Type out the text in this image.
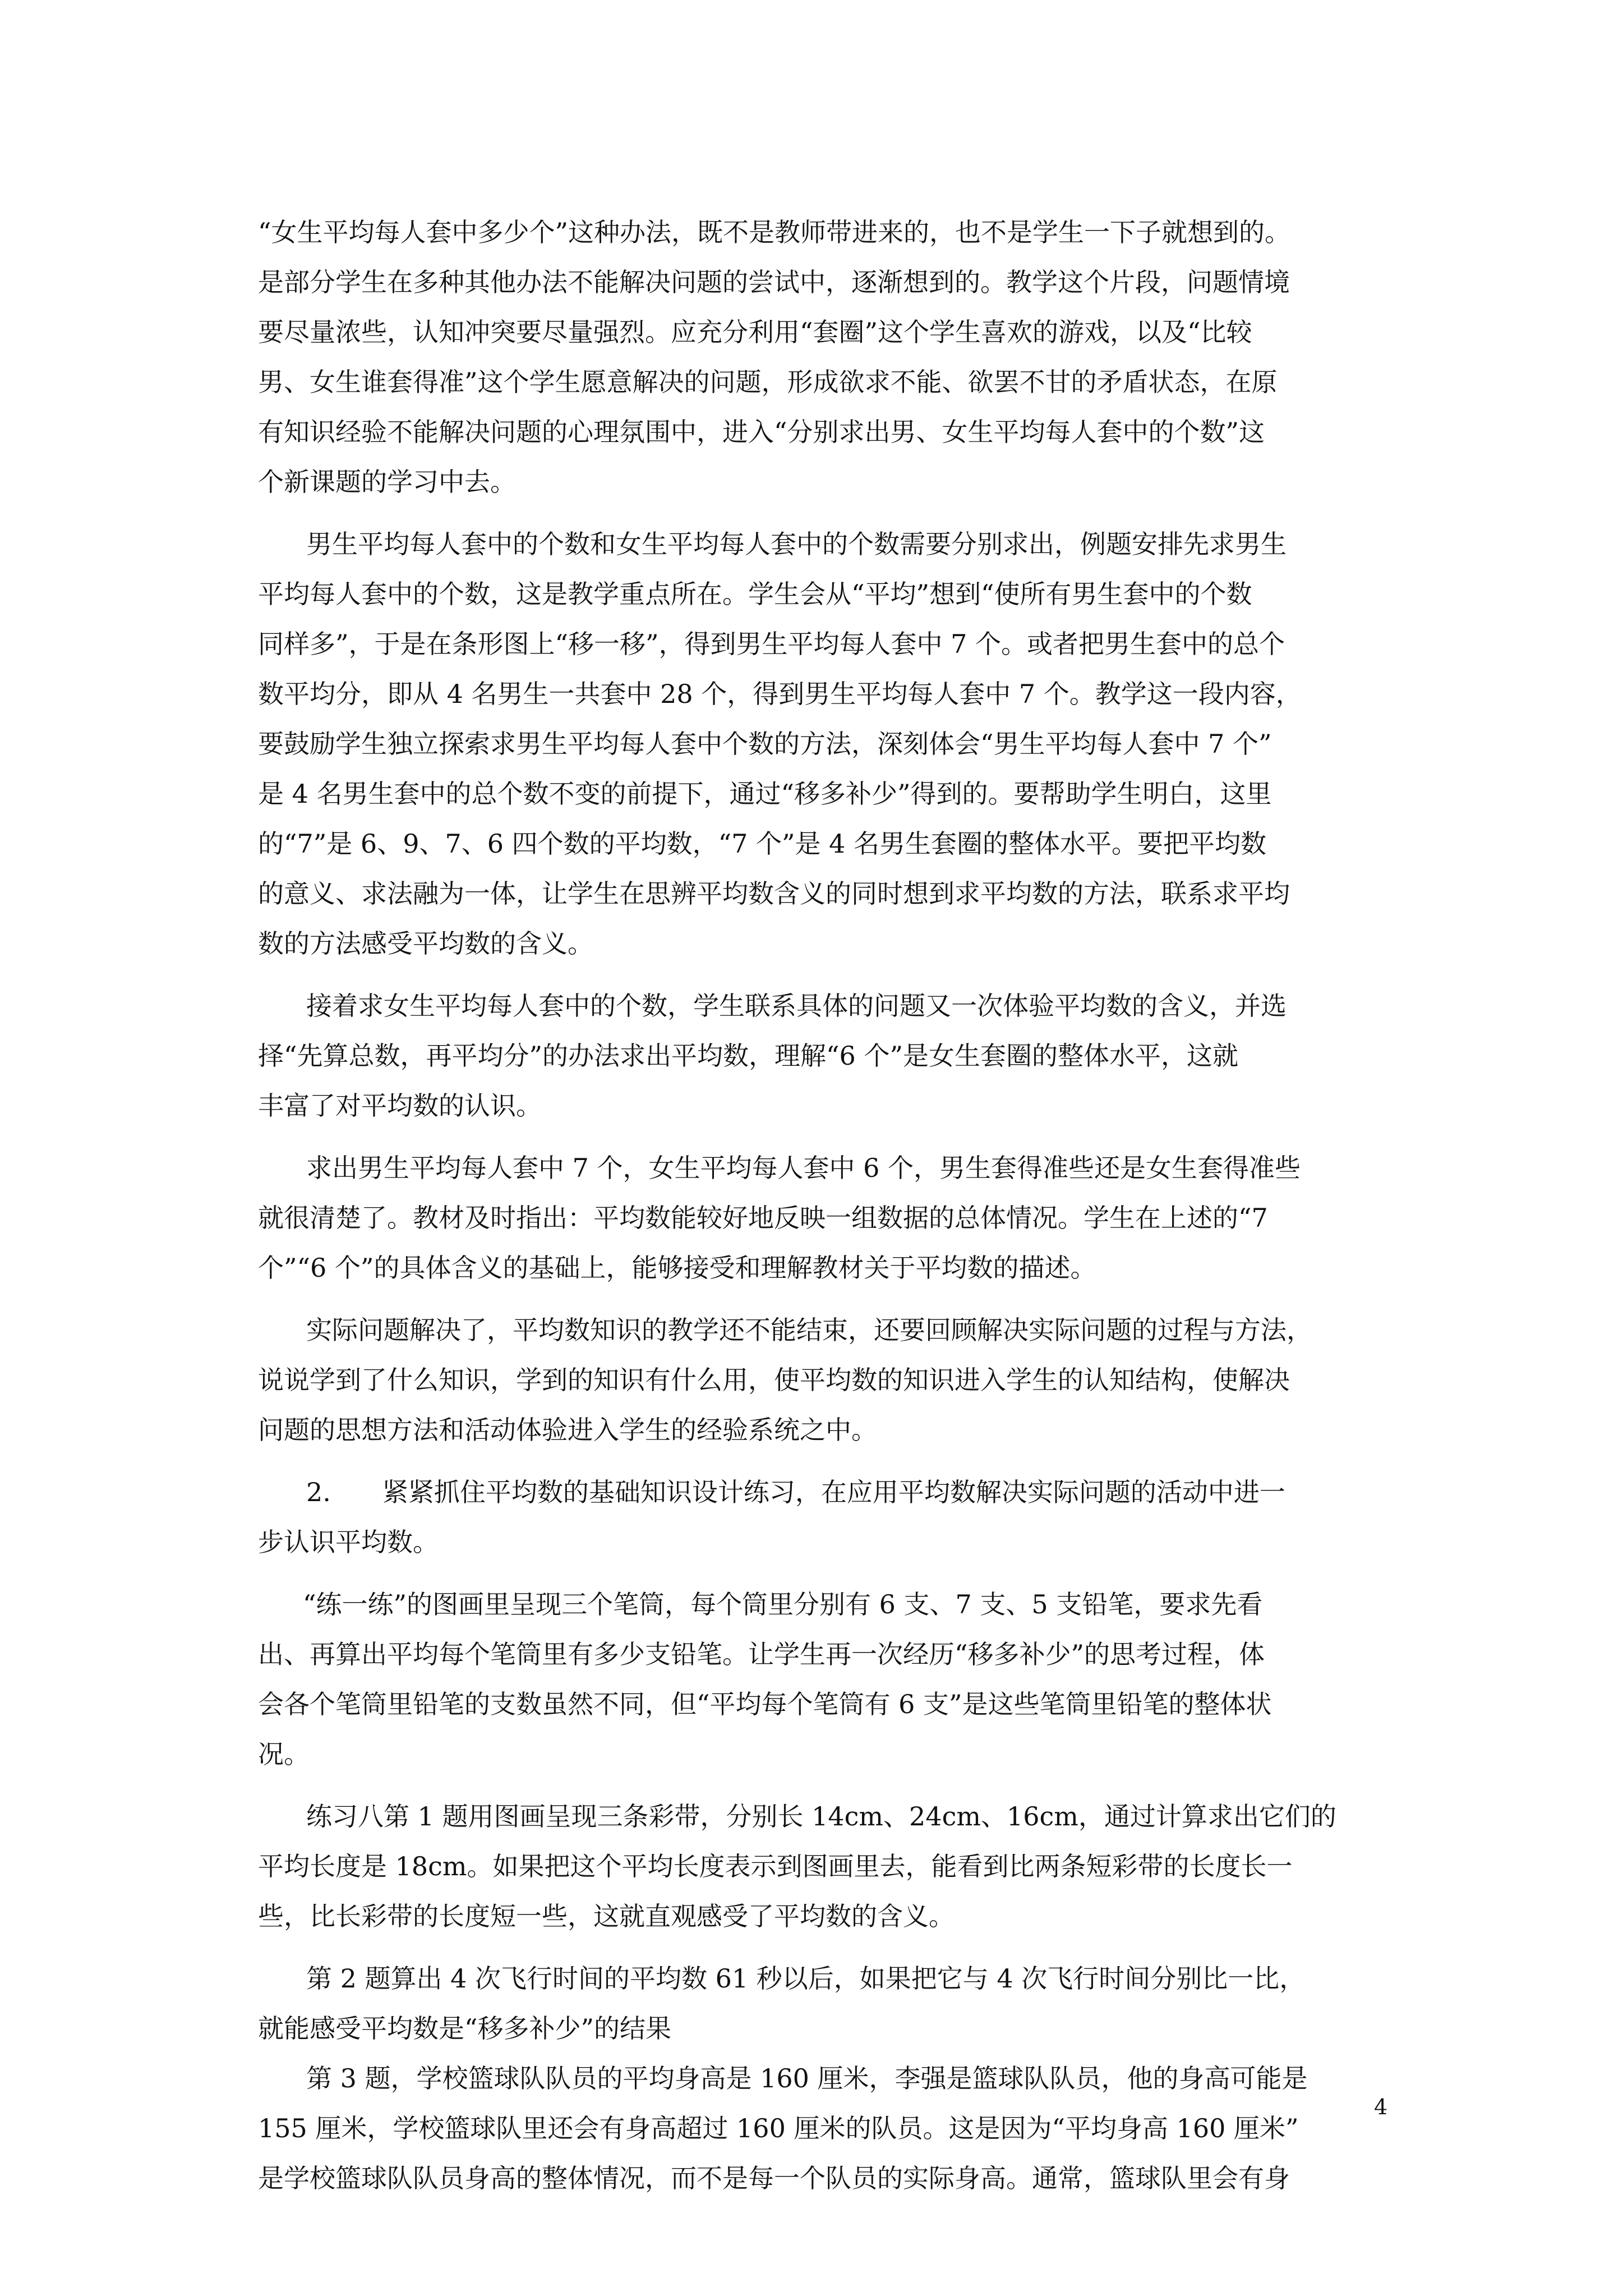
“女生平均每人套中多少个”这种办法，既不是教师带进来的，也不是学生一下子就想到的。
是部分学生在多种其他办法不能解决问题的尝试中，逐渐想到的。教学这个片段，问题情境
要尽量浓些，认知冲突要尽量强烈。应充分利用“套圈”这个学生喜欢的游戏，以及“比较
男、女生谁套得准”这个学生愿意解决的问题，形成欲求不能、欲罢不甘的矛盾状态，在原
有知识经验不能解决问题的心理氛围中，进入“分别求出男、女生平均每人套中的个数”这
个新课题的学习中去。
男生平均每人套中的个数和女生平均每人套中的个数需要分别求出，例题安排先求男生
平均每人套中的个数，这是教学重点所在。学生会从“平均”想到“使所有男生套中的个数
同样多”，于是在条形图上“移一移”，得到男生平均每人套中 7 个。或者把男生套中的总个
数平均分，即从 4 名男生一共套中 28 个，得到男生平均每人套中 7 个。教学这一段内容，
要鼓励学生独立探索求男生平均每人套中个数的方法，深刻体会“男生平均每人套中 7 个”
是 4 名男生套中的总个数不变的前提下，通过“移多补少”得到的。要帮助学生明白，这里
的“7”是 6、9、7、6 四个数的平均数，“7 个”是 4 名男生套圈的整体水平。要把平均数
的意义、求法融为一体，让学生在思辨平均数含义的同时想到求平均数的方法，联系求平均
数的方法感受平均数的含义。
接着求女生平均每人套中的个数，学生联系具体的问题又一次体验平均数的含义，并选
择“先算总数，再平均分”的办法求出平均数，理解“6 个”是女生套圈的整体水平，这就
丰富了对平均数的认识。
求出男生平均每人套中 7 个，女生平均每人套中 6 个，男生套得准些还是女生套得准些
就很清楚了。教材及时指出：平均数能较好地反映一组数据的总体情况。学生在上述的“7
个”“6 个”的具体含义的基础上，能够接受和理解教材关于平均数的描述。
实际问题解决了，平均数知识的教学还不能结束，还要回顾解决实际问题的过程与方法，
说说学到了什么知识，学到的知识有什么用，使平均数的知识进入学生的认知结构，使解决
问题的思想方法和活动体验进入学生的经验系统之中。
2.　　紧紧抓住平均数的基础知识设计练习，在应用平均数解决实际问题的活动中进一
步认识平均数。
“练一练”的图画里呈现三个笔筒，每个筒里分别有 6 支、7 支、5 支铅笔，要求先看
出、再算出平均每个笔筒里有多少支铅笔。让学生再一次经历“移多补少”的思考过程，体
会各个笔筒里铅笔的支数虽然不同，但“平均每个笔筒有 6 支”是这些笔筒里铅笔的整体状
况。
练习八第 1 题用图画呈现三条彩带，分别长 14cm、24cm、16cm，通过计算求出它们的
平均长度是 18cm。如果把这个平均长度表示到图画里去，能看到比两条短彩带的长度长一
些，比长彩带的长度短一些，这就直观感受了平均数的含义。
第 2 题算出 4 次飞行时间的平均数 61 秒以后，如果把它与 4 次飞行时间分别比一比，
就能感受平均数是“移多补少”的结果
第 3 题，学校篮球队队员的平均身高是 160 厘米，李强是篮球队队员，他的身高可能是
155 厘米，学校篮球队里还会有身高超过 160 厘米的队员。这是因为“平均身高 160 厘米”
是学校篮球队队员身高的整体情况，而不是每一个队员的实际身高。通常，篮球队里会有身
4
